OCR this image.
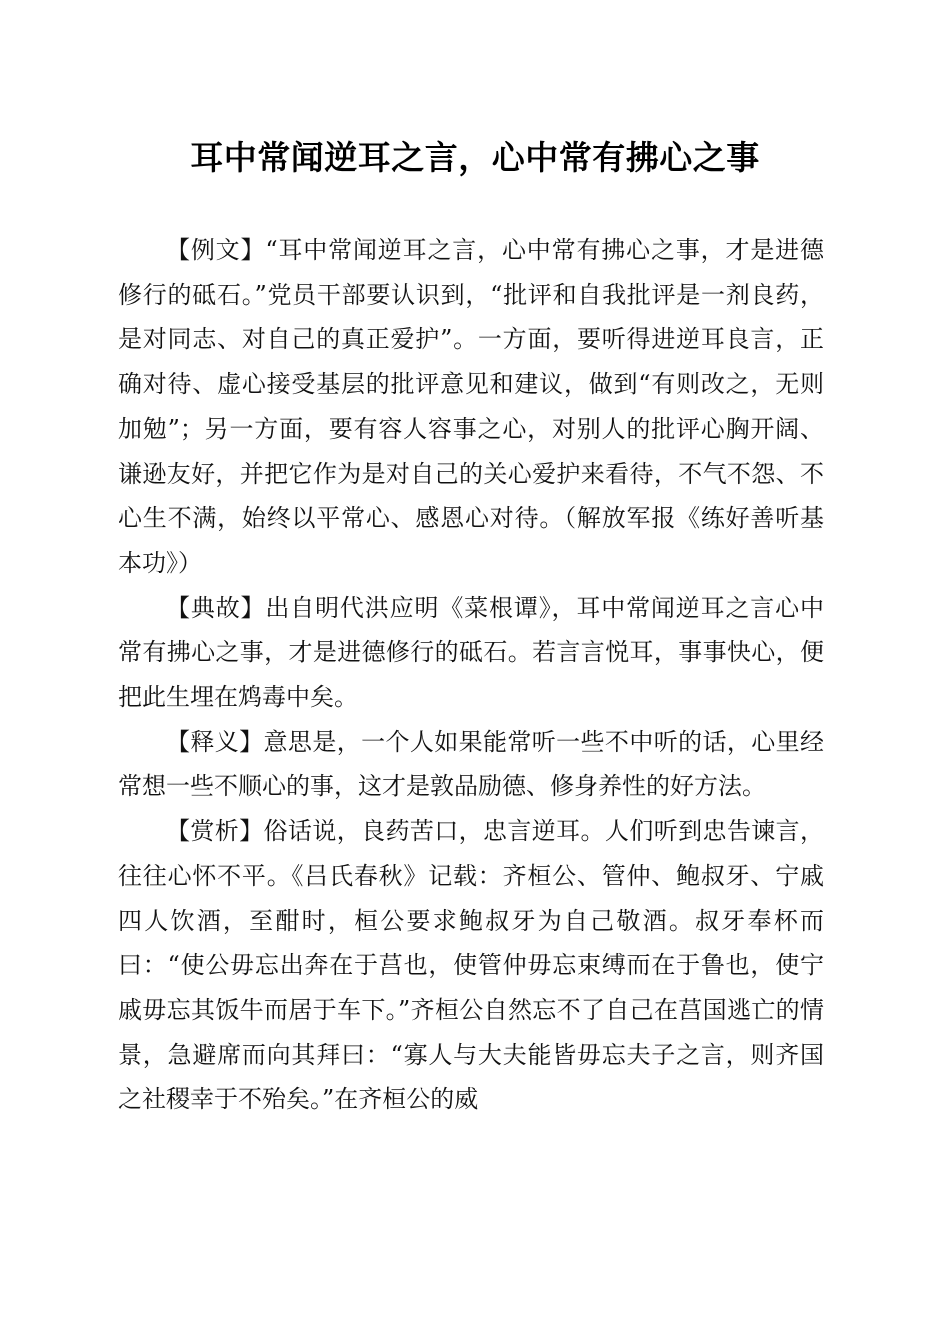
耳中常闻逆耳之言，心中常有拂心之事

【例文】“耳中常闻逆耳之言，心中常有拂心之事，才是进德修行的砥石。”党员干部要认识到，“批评和自我批评是一剂良药，是对同志、对自己的真正爱护”。一方面，要听得进逆耳良言，正确对待、虚心接受基层的批评意见和建议，做到“有则改之，无则加勉”；另一方面，要有容人容事之心，对别人的批评心胸开阔、谦逊友好，并把它作为是对自己的关心爱护来看待，不气不怨、不心生不满，始终以平常心、感恩心对待。（解放军报《练好善听基本功》）

【典故】出自明代洪应明《菜根谭》，耳中常闻逆耳之言心中常有拂心之事，才是进德修行的砥石。若言言悦耳，事事快心，便把此生埋在鸩毒中矣。

【释义】意思是，一个人如果能常听一些不中听的话，心里经常想一些不顺心的事，这才是敦品励德、修身养性的好方法。

【赏析】俗话说，良药苦口，忠言逆耳。人们听到忠告谏言，往往心怀不平。《吕氏春秋》记载：齐桓公、管仲、鲍叔牙、宁戚四人饮酒，至酣时，桓公要求鲍叔牙为自己敬酒。叔牙奉杯而曰：“使公毋忘出奔在于莒也，使管仲毋忘束缚而在于鲁也，使宁戚毋忘其饭牛而居于车下。”齐桓公自然忘不了自己在莒国逃亡的情景，急避席而向其拜曰：“寡人与大夫能皆毋忘夫子之言，则齐国之社稷幸于不殆矣。”在齐桓公的威
